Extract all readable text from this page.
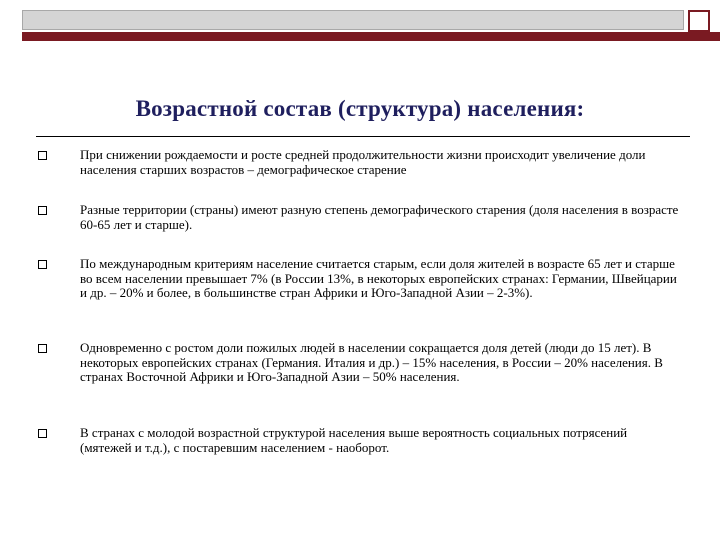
Возрастной состав (структура) населения:
При снижении рождаемости и росте средней продолжительности жизни происходит увеличение доли населения старших возрастов – демографическое старение
Разные территории (страны) имеют разную степень демографического старения (доля населения в возрасте 60-65 лет и старше).
По международным критериям население считается старым, если доля жителей в возрасте 65 лет и старше во всем населении превышает 7% (в России 13%, в некоторых европейских странах: Германии, Швейцарии и др. – 20% и более, в большинстве стран Африки и Юго-Западной Азии – 2-3%).
Одновременно с ростом доли пожилых людей в населении сокращается доля детей (люди до 15 лет). В некоторых европейских странах (Германия. Италия и др.) – 15% населения, в России – 20% населения. В странах Восточной Африки и Юго-Западной Азии – 50% населения.
В странах с молодой возрастной структурой населения выше вероятность социальных потрясений (мятежей и т.д.), с постаревшим населением - наоборот.
